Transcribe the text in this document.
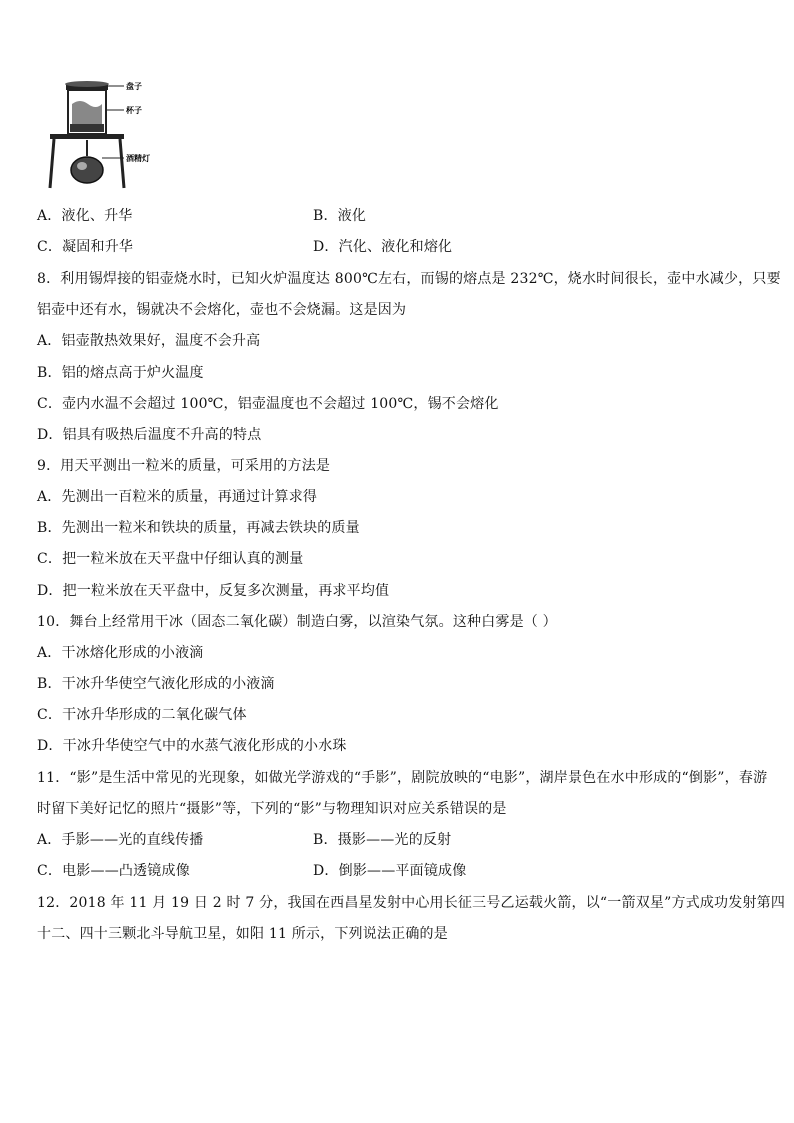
盘子
杯子
酒精灯
A．液化、升华	B．液化
C．凝固和升华	D．汽化、液化和熔化
8．利用锡焊接的铝壶烧水时，已知火炉温度达 800℃左右，而锡的熔点是 232℃，烧水时间很长，壶中水减少，只要
铝壶中还有水，锡就决不会熔化，壶也不会烧漏。这是因为
A．铝壶散热效果好，温度不会升高
B．铝的熔点高于炉火温度
C．壶内水温不会超过 100℃，铝壶温度也不会超过 100℃，锡不会熔化
D．铝具有吸热后温度不升高的特点
9．用天平测出一粒米的质量，可采用的方法是
A．先测出一百粒米的质量，再通过计算求得
B．先测出一粒米和铁块的质量，再减去铁块的质量
C．把一粒米放在天平盘中仔细认真的测量
D．把一粒米放在天平盘中，反复多次测量，再求平均值
10．舞台上经常用干冰（固态二氧化碳）制造白雾，以渲染气氛。这种白雾是（ ）
A．干冰熔化形成的小液滴
B．干冰升华使空气液化形成的小液滴
C．干冰升华形成的二氧化碳气体
D．干冰升华使空气中的水蒸气液化形成的小水珠
11．“影”是生活中常见的光现象，如做光学游戏的“手影”，剧院放映的“电影”，湖岸景色在水中形成的“倒影”，春游
时留下美好记忆的照片“摄影”等，下列的“影”与物理知识对应关系错误的是
A．手影——光的直线传播	B．摄影——光的反射
C．电影——凸透镜成像	D．倒影——平面镜成像
12．2018 年 11 月 19 日 2 时 7 分，我国在西昌星发射中心用长征三号乙运载火箭，以“一箭双星”方式成功发射第四
十二、四十三颗北斗导航卫星，如阳 11 所示，下列说法正确的是
